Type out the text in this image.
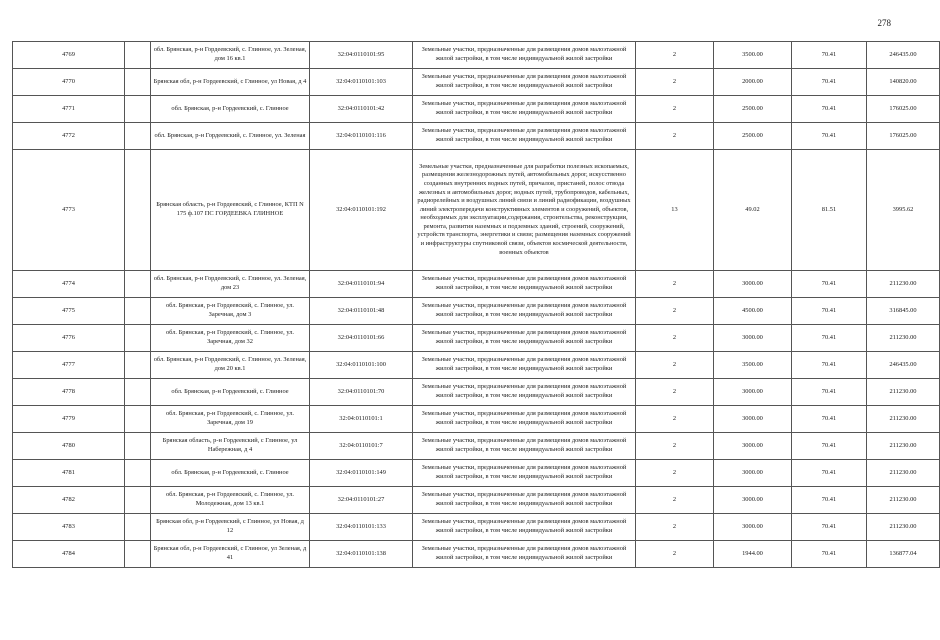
278
4769		обл. Брянская, р-н Гордеевский, с. Глинное, ул. Зеленая, дом 16 кв.1	32:04:0110101:95	Земельные участки, предназначенные для размещения домов малоэтажной жилой застройки, в том числе индивидуальной жилой застройки	2	3500.00	70.41	246435.00

4770		Брянская обл, р-н Гордеевский, с Глинное, ул Новая, д 4	32:04:0110101:103	Земельные участки, предназначенные для размещения домов малоэтажной жилой застройки, в том числе индивидуальной жилой застройки	2	2000.00	70.41	140820.00

4771		обл. Брянская, р-н Гордеевский, с. Глинное	32:04:0110101:42	Земельные участки, предназначенные для размещения домов малоэтажной жилой застройки, в том числе индивидуальной жилой застройки	2	2500.00	70.41	176025.00

4772		обл. Брянская, р-н Гордеевский, с. Глинное, ул. Зеленая	32:04:0110101:116	Земельные участки, предназначенные для размещения домов малоэтажной жилой застройки, в том числе индивидуальной жилой застройки	2	2500.00	70.41	176025.00

4773		Брянская область, р-н Гордеевский, с Глинное, КТП N 175 ф.107 ПС ГОРДЕЕВКА ГЛИННОЕ	32:04:0110101:192	Земельные участки, предназначенные для разработки полезных ископаемых, размещения железнодорожных путей, автомобильных дорог, искусственно созданных внутренних водных путей, причалов, пристаней, полос отвода железных и автомобильных дорог, водных путей, трубопроводов, кабельных, радиорелейных и воздушных линий связи и линий радиофикации, воздушных линий электропередачи конструктивных элементов и сооружений, объектов, необходимых для эксплуатации,содержания, строительства, реконструкции, ремонта, развития наземных и подземных зданий, строений, сооружений, устройств транспорта, энергетики и связи; размещения наземных сооружений и инфраструктуры спутниковой связи, объектов космической деятельности, военных объектов	13	49.02	81.51	3995.62

4774		обл. Брянская, р-н Гордеевский, с. Глинное, ул. Зеленая, дом 23	32:04:0110101:94	Земельные участки, предназначенные для размещения домов малоэтажной жилой застройки, в том числе индивидуальной жилой застройки	2	3000.00	70.41	211230.00

4775		обл. Брянская, р-н Гордеевский, с. Глинное, ул. Заречная, дом 3	32:04:0110101:48	Земельные участки, предназначенные для размещения домов малоэтажной жилой застройки, в том числе индивидуальной жилой застройки	2	4500.00	70.41	316845.00

4776		обл. Брянская, р-н Гордеевский, с. Глинное, ул. Заречная, дом 32	32:04:0110101:66	Земельные участки, предназначенные для размещения домов малоэтажной жилой застройки, в том числе индивидуальной жилой застройки	2	3000.00	70.41	211230.00

4777		обл. Брянская, р-н Гордеевский, с. Глинное, ул. Зеленая, дом 20 кв.1	32:04:0110101:100	Земельные участки, предназначенные для размещения домов малоэтажной жилой застройки, в том числе индивидуальной жилой застройки	2	3500.00	70.41	246435.00

4778		обл. Брянская, р-н Гордеевский, с. Глинное	32:04:0110101:70	Земельные участки, предназначенные для размещения домов малоэтажной жилой застройки, в том числе индивидуальной жилой застройки	2	3000.00	70.41	211230.00

4779		обл. Брянская, р-н Гордеевский, с. Глинное, ул. Заречная, дом 19	32:04:0110101:1	Земельные участки, предназначенные для размещения домов малоэтажной жилой застройки, в том числе индивидуальной жилой застройки	2	3000.00	70.41	211230.00

4780		Брянская область, р-н Гордеевский, с Глинное, ул Набережная, д 4	32:04:0110101:7	Земельные участки, предназначенные для размещения домов малоэтажной жилой застройки, в том числе индивидуальной жилой застройки	2	3000.00	70.41	211230.00

4781		обл. Брянская, р-н Гордеевский, с. Глинное	32:04:0110101:149	Земельные участки, предназначенные для размещения домов малоэтажной жилой застройки, в том числе индивидуальной жилой застройки	2	3000.00	70.41	211230.00

4782		обл. Брянская, р-н Гордеевский, с. Глинное, ул. Молодежная, дом 13 кв.1	32:04:0110101:27	Земельные участки, предназначенные для размещения домов малоэтажной жилой застройки, в том числе индивидуальной жилой застройки	2	3000.00	70.41	211230.00

4783		Брянская обл, р-н Гордеевский, с Глинное, ул Новая, д 12	32:04:0110101:133	Земельные участки, предназначенные для размещения домов малоэтажной жилой застройки, в том числе индивидуальной жилой застройки	2	3000.00	70.41	211230.00

4784		Брянская обл, р-н Гордеевский, с Глинное, ул Зеленая, д 41	32:04:0110101:138	Земельные участки, предназначенные для размещения домов малоэтажной жилой застройки, в том числе индивидуальной жилой застройки	2	1944.00	70.41	136877.04
